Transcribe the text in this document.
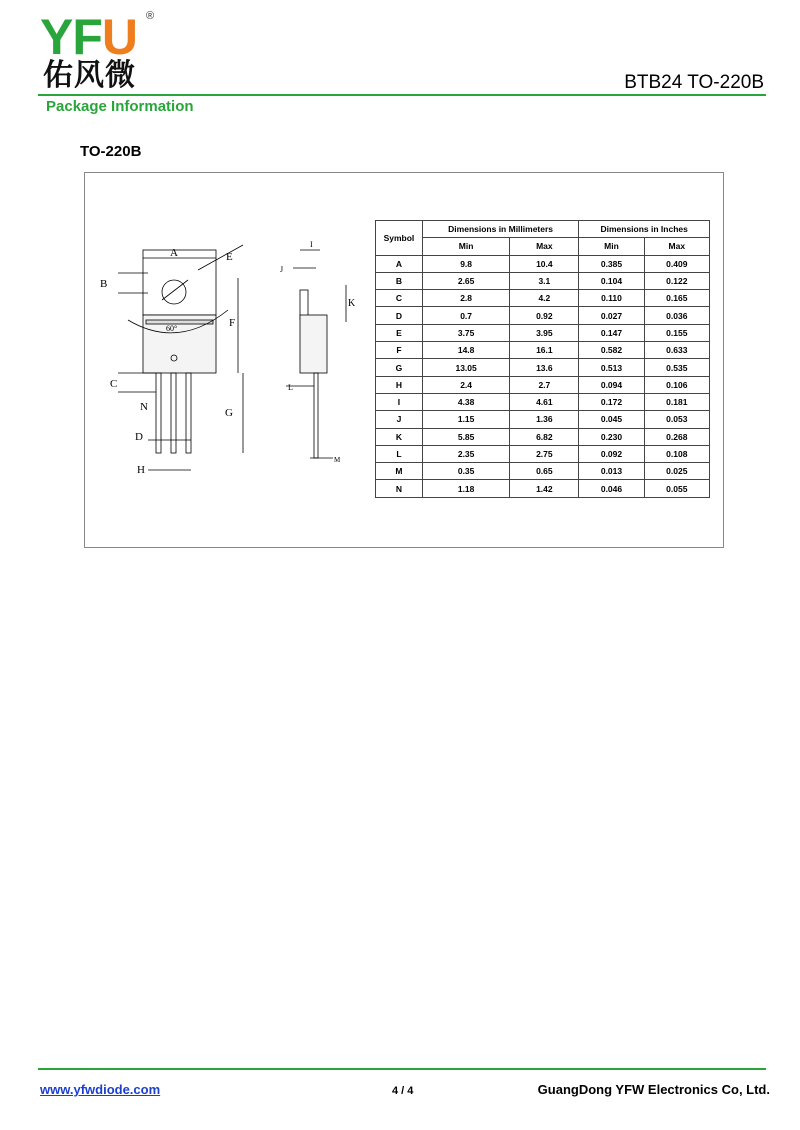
YFU ®
佑风微	BTB24 TO-220B
Package Information
TO-220B
A
B
E
F
C
N
D
G
H
60°
I
J
K
L
M
Symbol	Dimensions in Millimeters		Dimensions in Inches	
	Min	Max	Min	Max
A	9.8	10.4	0.385	0.409
B	2.65	3.1	0.104	0.122
C	2.8	4.2	0.110	0.165
D	0.7	0.92	0.027	0.036
E	3.75	3.95	0.147	0.155
F	14.8	16.1	0.582	0.633
G	13.05	13.6	0.513	0.535
H	2.4	2.7	0.094	0.106
I	4.38	4.61	0.172	0.181
J	1.15	1.36	0.045	0.053
K	5.85	6.82	0.230	0.268
L	2.35	2.75	0.092	0.108
M	0.35	0.65	0.013	0.025
N	1.18	1.42	0.046	0.055
www.yfwdiode.com	4 / 4	GuangDong YFW Electronics Co, Ltd.
